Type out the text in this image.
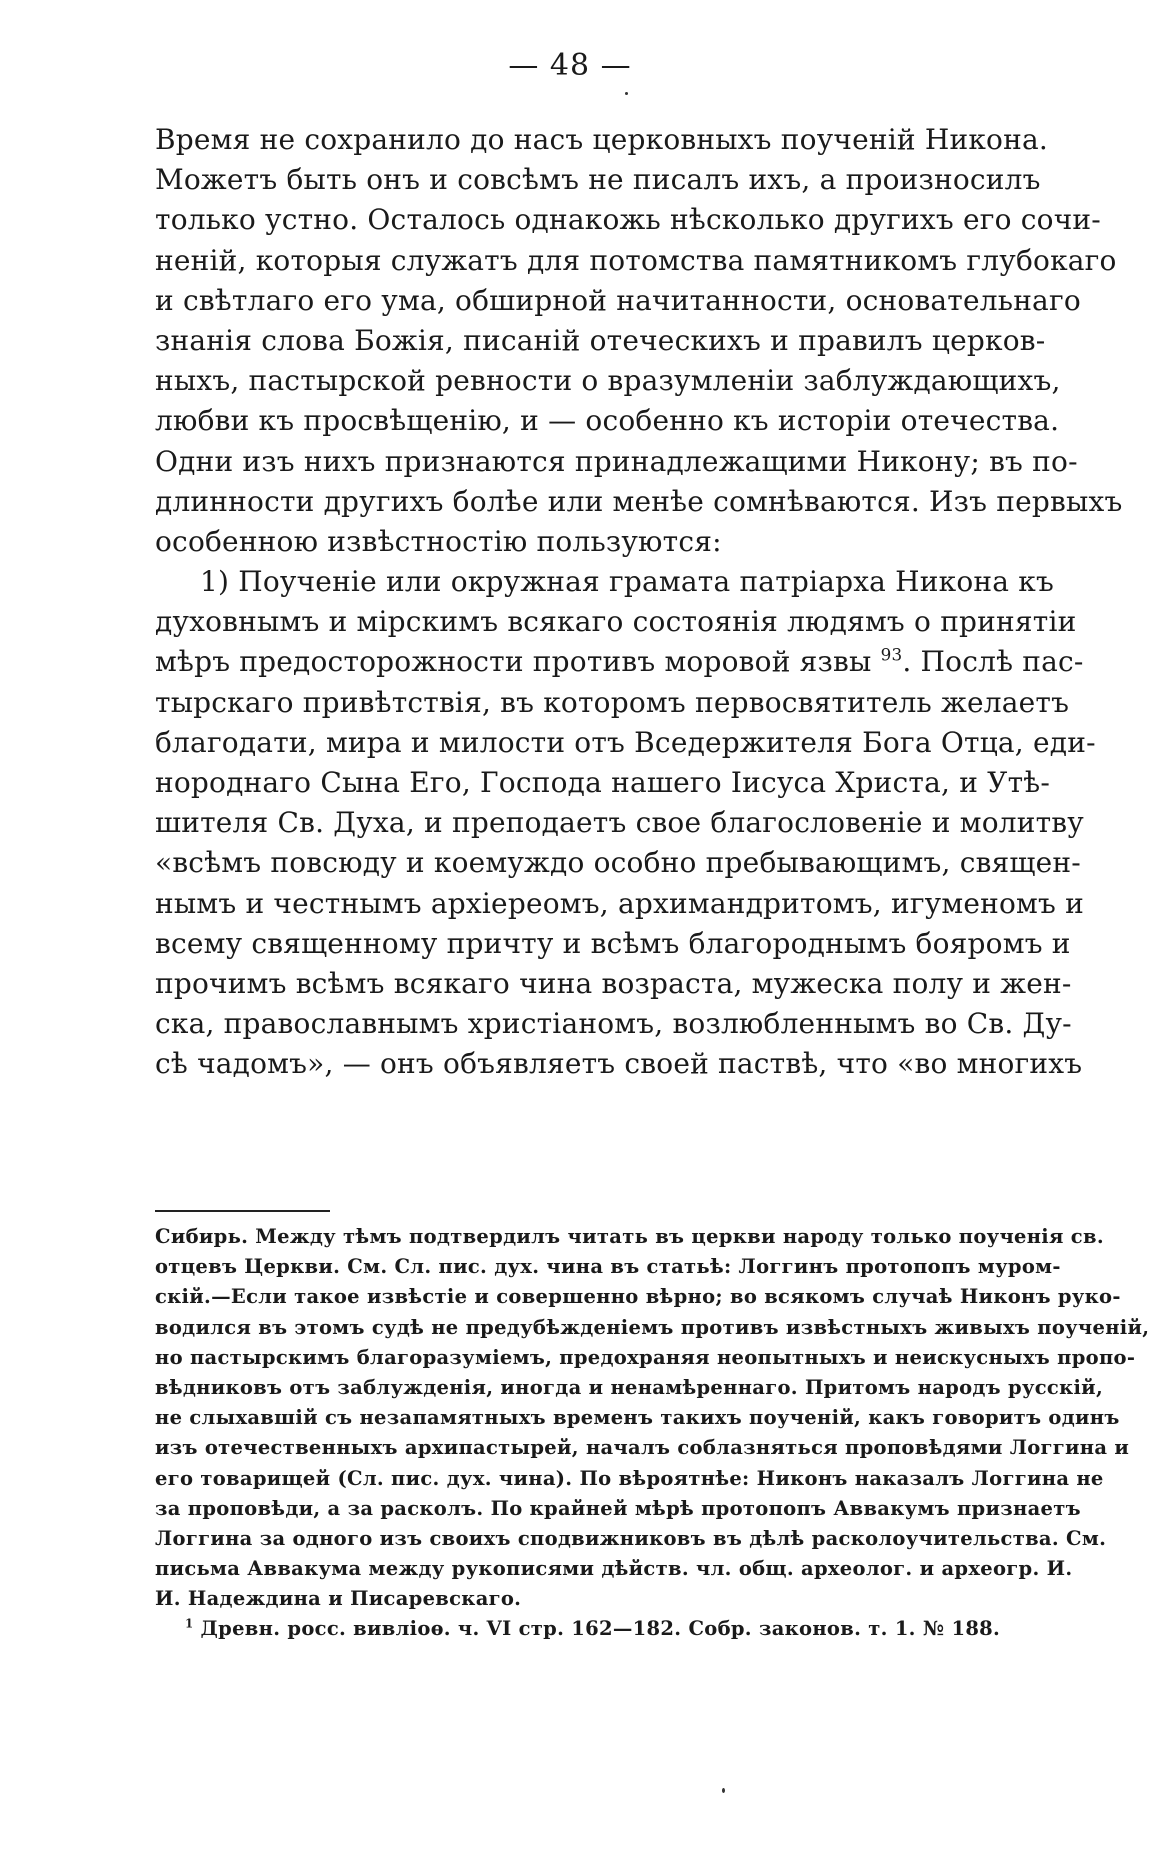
— 48 —
Время не сохранило до насъ церковныхъ поученій Никона.
Можетъ быть онъ и совсѣмъ не писалъ ихъ, а произносилъ
только устно. Осталось однакожь нѣсколько другихъ его сочи-
неній, которыя служатъ для потомства памятникомъ глубокаго
и свѣтлаго его ума, обширной начитанности, основательнаго
знанія слова Божія, писаній отеческихъ и правилъ церков-
ныхъ, пастырской ревности о вразумленіи заблуждающихъ,
любви къ просвѣщенію, и — особенно къ исторіи отечества.
Одни изъ нихъ признаются принадлежащими Никону; въ по-
длинности другихъ болѣе или менѣе сомнѣваются. Изъ первыхъ
особенною извѣстностію пользуются:
1) Поученіе или окружная грамата патріарха Никона къ
духовнымъ и мірскимъ всякаго состоянія людямъ о принятіи
мѣръ предосторожности противъ моровой язвы $^{93}$. Послѣ пас-
тырскаго привѣтствія, въ которомъ первосвятитель желаетъ
благодати, мира и милости отъ Вседержителя Бога Отца, еди-
нороднаго Сына Его, Господа нашего Іисуса Христа, и Утѣ-
шителя Св. Духа, и преподаетъ свое благословеніе и молитву
«всѣмъ повсюду и коемуждо особно пребывающимъ, священ-
нымъ и честнымъ архіереомъ, архимандритомъ, игуменомъ и
всему священному причту и всѣмъ благороднымъ бояромъ и
прочимъ всѣмъ всякаго чина возраста, мужеска полу и жен-
ска, православнымъ христіаномъ, возлюбленнымъ во Св. Ду-
сѣ чадомъ», — онъ объявляетъ своей паствѣ, что «во многихъ
Сибирь. Между тѣмъ подтвердилъ читать въ церкви народу только поученія св.
отцевъ Церкви. См. Сл. пис. дух. чина въ статьѣ: Логгинъ протопопъ муром-
скій.—Если такое извѣстіе и совершенно вѣрно; во всякомъ случаѣ Никонъ руко-
водился въ этомъ судѣ не предубѣжденіемъ противъ извѣстныхъ живыхъ поученій,
но пастырскимъ благоразуміемъ, предохраняя неопытныхъ и неискусныхъ пропо-
вѣдниковъ отъ заблужденія, иногда и ненамѣреннаго. Притомъ народъ русскій,
не слыхавшій съ незапамятныхъ временъ такихъ поученій, какъ говоритъ одинъ
изъ отечественныхъ архипастырей, началъ соблазняться проповѣдями Логгина и
его товарищей (Сл. пис. дух. чина). По вѣроятнѣе: Никонъ наказалъ Логгина не
за проповѣди, а за расколъ. По крайней мѣрѣ протопопъ Аввакумъ признаетъ
Логгина за одного изъ своихъ сподвижниковъ въ дѣлѣ расколоучительства. См.
письма Аввакума между рукописями дѣйств. чл. общ. археолог. и археогр. И.
И. Надеждина и Писаревскаго.
$^1$ Древн. росс. вивліоѳ. ч. VI стр. 162—182. Собр. законов. т. 1. № 188.
